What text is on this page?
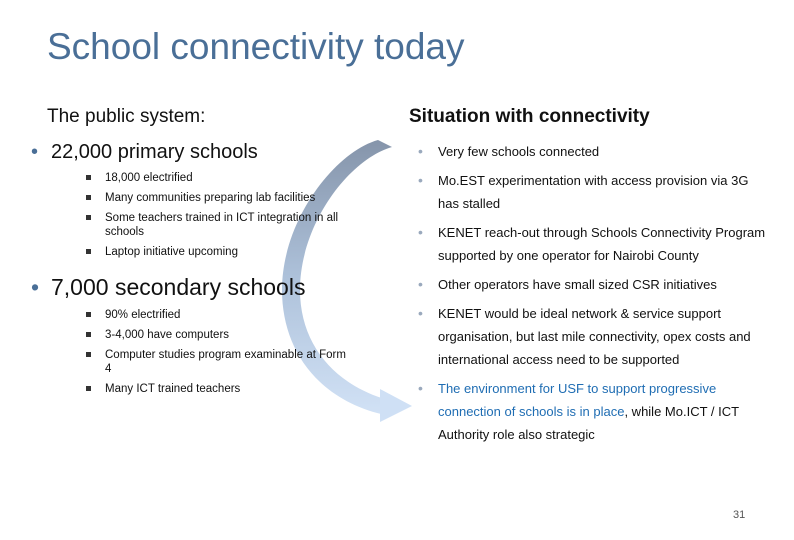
School connectivity today
The public system:
• 22,000 primary schools
18,000 electrified
Many communities preparing lab facilities
Some teachers trained in ICT integration in all schools
Laptop initiative upcoming
• 7,000 secondary schools
90% electrified
3-4,000 have computers
Computer studies program examinable at Form 4
Many ICT trained teachers
Situation with connectivity
• Very few schools connected
• Mo.EST experimentation with access provision via 3G has stalled
• KENET reach-out through Schools Connectivity Program supported by one operator for Nairobi County
• Other operators have small sized CSR initiatives
• KENET would be ideal network & service support organisation, but last mile connectivity, opex costs and international access need to be supported
• The environment for USF to support progressive connection of schools is in place, while Mo.ICT / ICT Authority role also strategic
31
